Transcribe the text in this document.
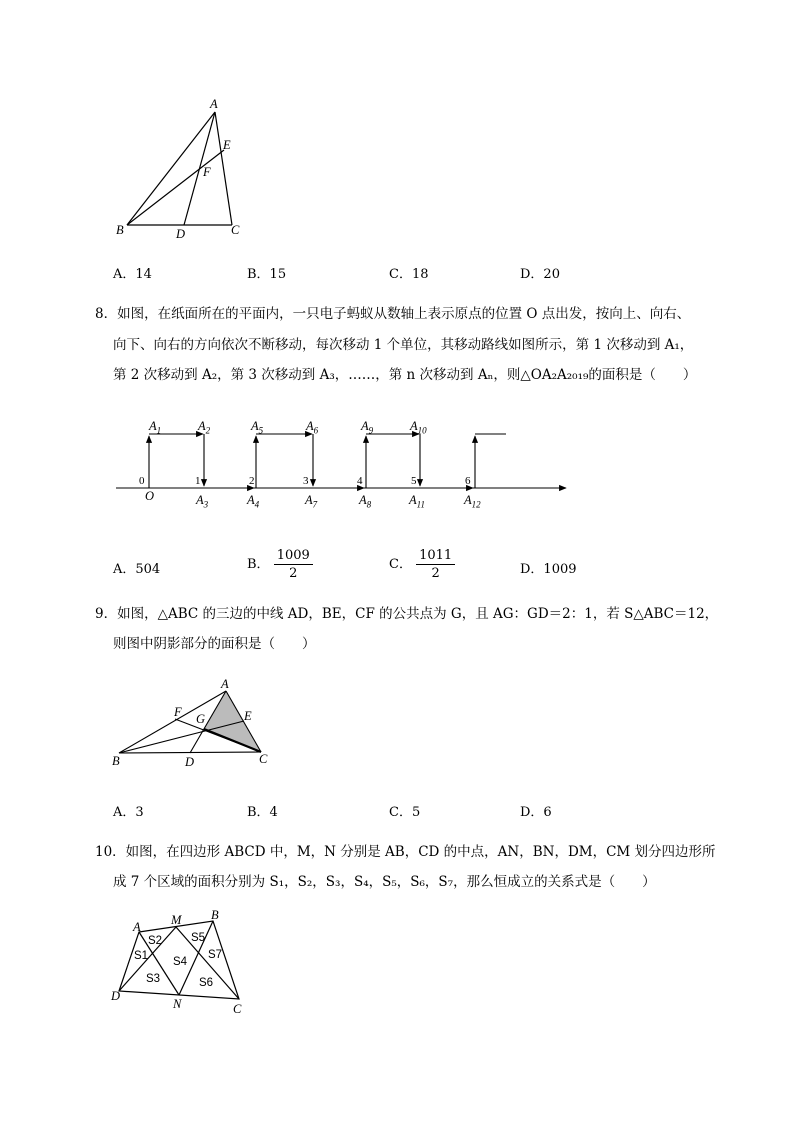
A
E
F
B	D	C
A．14	B．15	C．18	D．20
8．如图，在纸面所在的平面内，一只电子蚂蚁从数轴上表示原点的位置 O 点出发，按向上、向右、
向下、向右的方向依次不断移动，每次移动 1 个单位，其移动路线如图所示，第 1 次移动到 A₁，
第 2 次移动到 A₂，第 3 次移动到 A₃，……，第 n 次移动到 Aₙ，则△OA₂A₂₀₁₉的面积是（　　）
$A_1$	$A_2$	$A_5$	$A_6$	$A_9$	$A_{10}$
0	1	2	3	4	5	6
O	$A_3$	$A_4$	$A_7$	$A_8$	$A_{11}$	$A_{12}$
A．504	B． $\frac{1009}{2}$	C． $\frac{1011}{2}$	D．1009
9．如图，△ABC 的三边的中线 AD，BE，CF 的公共点为 G，且 AG：GD＝2：1，若 S△ABC＝12，
则图中阴影部分的面积是（　　）
A
F G	E
B	D	C
A．3	B．4	C．5	D．6
10．如图，在四边形 ABCD 中，M，N 分别是 AB，CD 的中点，AN，BN，DM，CM 划分四边形所
成 7 个区域的面积分别为 S₁，S₂，S₃，S₄，S₅，S₆，S₇，那么恒成立的关系式是（　　）
A M B
D
N	C
S1
S2
S3
S4
S5
S6
S7
